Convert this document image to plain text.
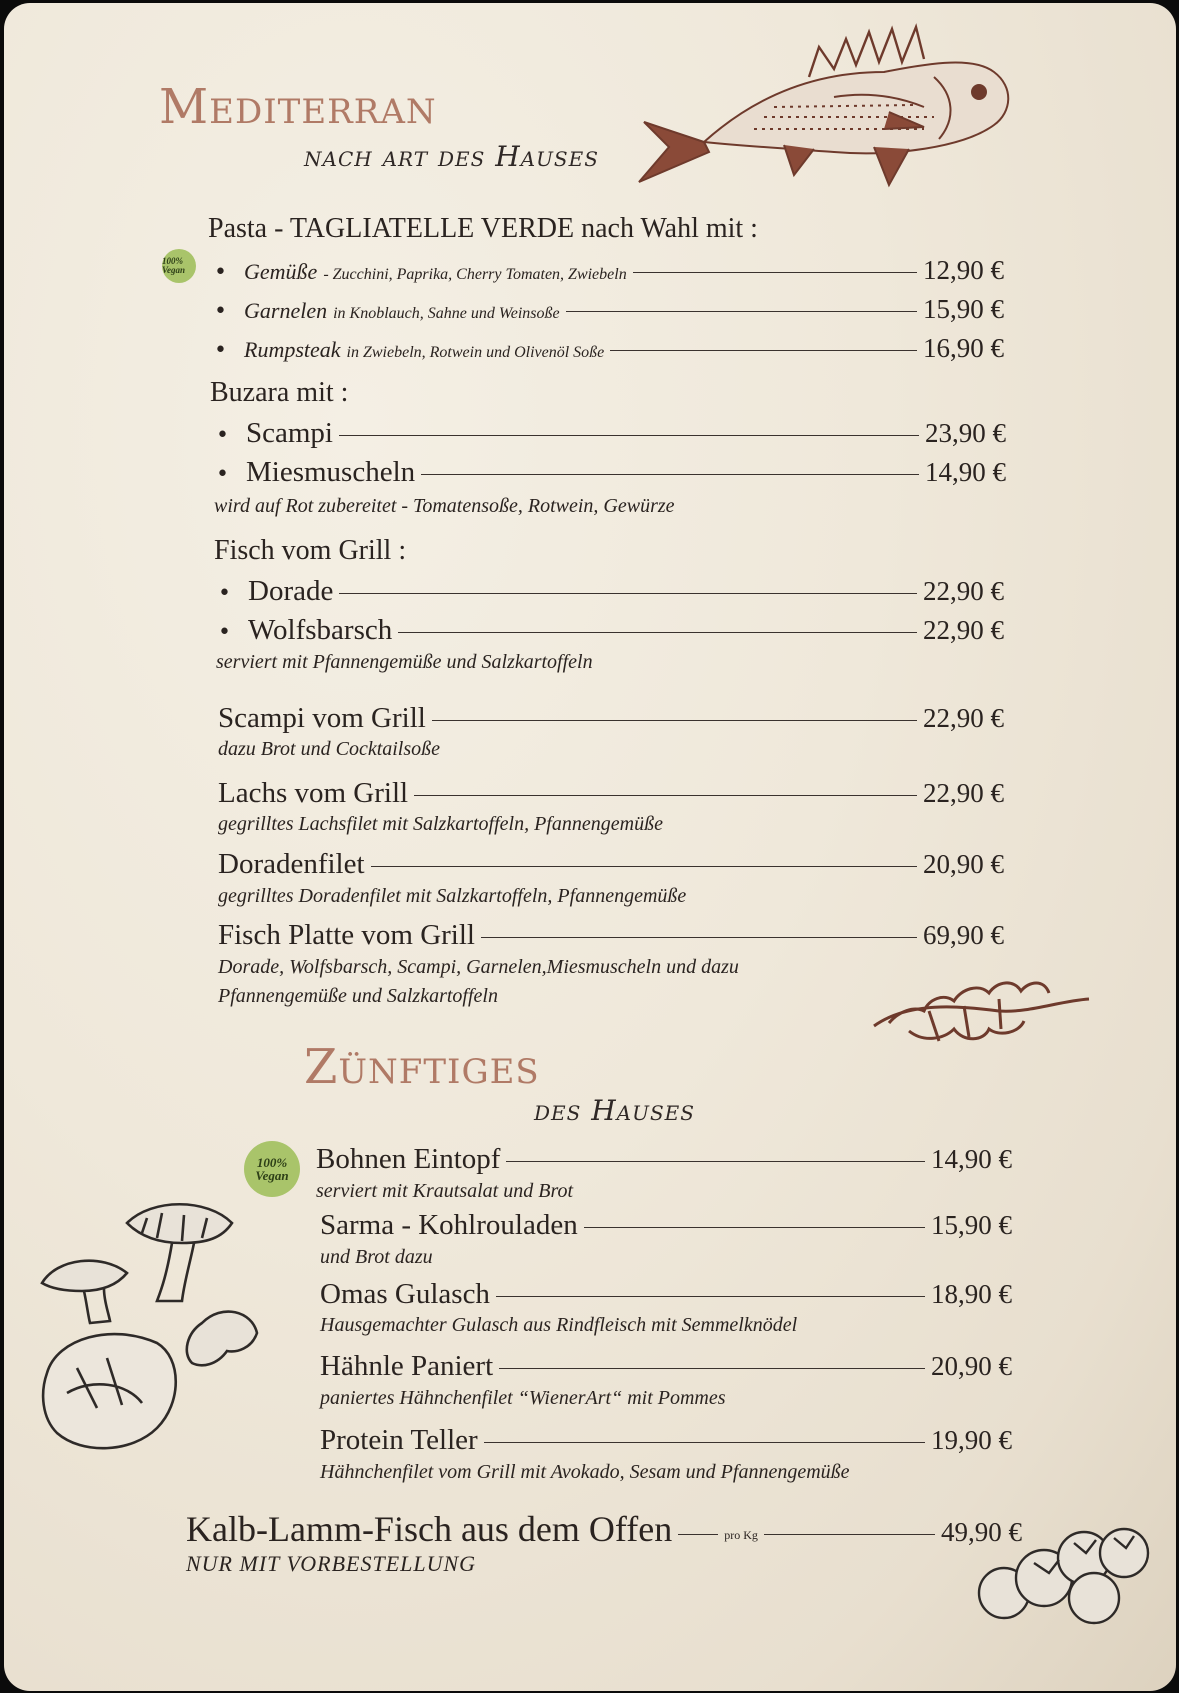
Mediterran
nach art des Hauses
Pasta - TAGLIATELLE VERDE nach Wahl mit :
100% Vegan	• Gemüße - Zucchini, Paprika, Cherry Tomaten, Zwiebeln	12,90 €
• Garnelen in Knoblauch, Sahne und Weinsoße	15,90 €
• Rumpsteak in Zwiebeln, Rotwein und Olivenöl Soße	16,90 €
Buzara mit :
• Scampi	23,90 €
• Miesmuscheln	14,90 €
wird auf Rot zubereitet - Tomatensoße, Rotwein, Gewürze
Fisch vom Grill :
• Dorade	22,90 €
• Wolfsbarsch	22,90 €
serviert mit Pfannengemüße und Salzkartoffeln
Scampi vom Grill	22,90 €
dazu Brot und Cocktailsoße
Lachs vom Grill	22,90 €
gegrilltes Lachsfilet mit Salzkartoffeln, Pfannengemüße
Doradenfilet	20,90 €
gegrilltes Doradenfilet mit Salzkartoffeln, Pfannengemüße
Fisch Platte vom Grill	69,90 €
Dorade, Wolfsbarsch, Scampi, Garnelen,Miesmuscheln und dazu
Pfannengemüße und Salzkartoffeln
Zünftiges
des Hauses
100% Vegan
Bohnen Eintopf	14,90 €
serviert mit Krautsalat und Brot
Sarma - Kohlrouladen	15,90 €
und Brot dazu
Omas Gulasch	18,90 €
Hausgemachter Gulasch aus Rindfleisch mit Semmelknödel
Hähnle Paniert	20,90 €
paniertes Hähnchenfilet “WienerArt“ mit Pommes
Protein Teller	19,90 €
Hähnchenfilet vom Grill mit Avokado, Sesam und Pfannengemüße
Kalb-Lamm-Fisch aus dem Offen	pro Kg	49,90 €
NUR MIT VORBESTELLUNG
